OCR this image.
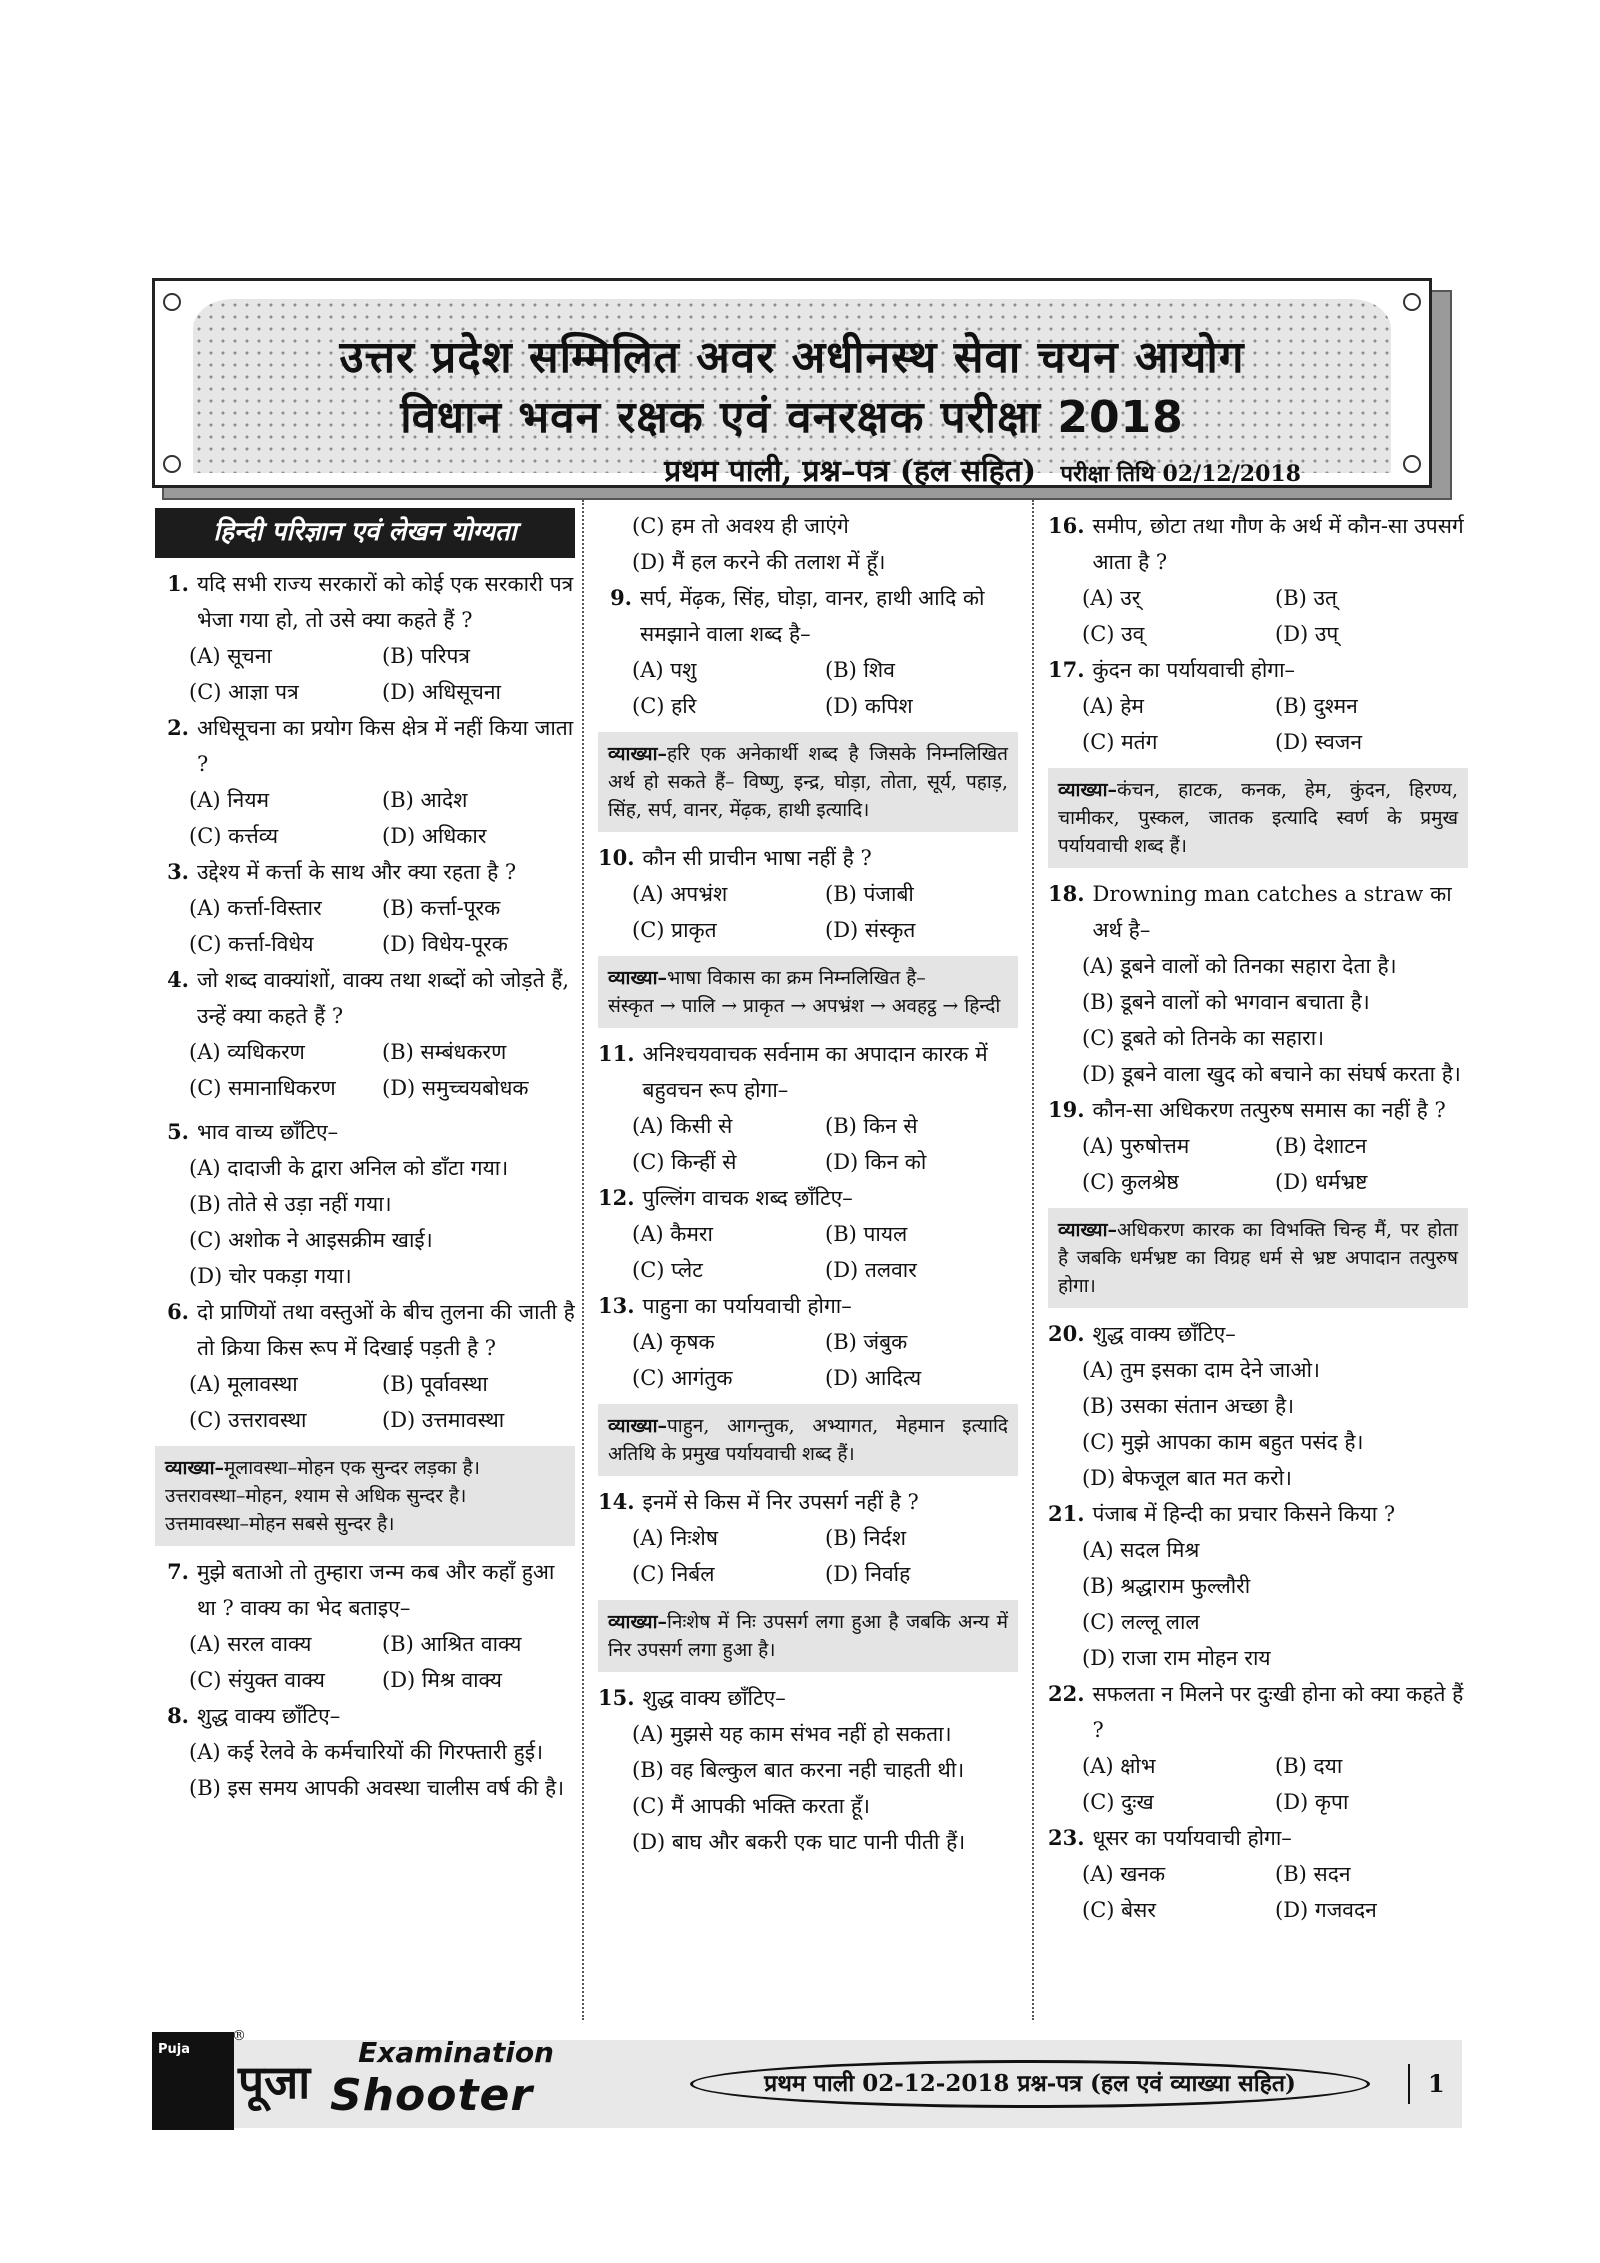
उत्तर प्रदेश सम्मिलित अवर अधीनस्थ सेवा चयन आयोग
विधान भवन रक्षक एवं वनरक्षक परीक्षा 2018
प्रथम पाली, प्रश्न–पत्र (हल सहित) परीक्षा तिथि 02/12/2018
हिन्दी परिज्ञान एवं लेखन योग्यता
1. यदि सभी राज्य सरकारों को कोई एक सरकारी पत्र भेजा गया हो, तो उसे क्या कहते हैं ?
(A) सूचना	(B) परिपत्र
(C) आज्ञा पत्र	(D) अधिसूचना
2. अधिसूचना का प्रयोग किस क्षेत्र में नहीं किया जाता ?
(A) नियम	(B) आदेश
(C) कर्त्तव्य	(D) अधिकार
3. उद्देश्य में कर्त्ता के साथ और क्या रहता है ?
(A) कर्त्ता-विस्तार	(B) कर्त्ता-पूरक
(C) कर्त्ता-विधेय	(D) विधेय-पूरक
4. जो शब्द वाक्यांशों, वाक्य तथा शब्दों को जोड़ते हैं, उन्हें क्या कहते हैं ?
(A) व्यधिकरण	(B) सम्बंधकरण
(C) समानाधिकरण	(D) समुच्चयबोधक
5. भाव वाच्य छाँटिए–
(A) दादाजी के द्वारा अनिल को डाँटा गया।
(B) तोते से उड़ा नहीं गया।
(C) अशोक ने आइसक्रीम खाई।
(D) चोर पकड़ा गया।
6. दो प्राणियों तथा वस्तुओं के बीच तुलना की जाती है तो क्रिया किस रूप में दिखाई पड़ती है ?
(A) मूलावस्था	(B) पूर्वावस्था
(C) उत्तरावस्था	(D) उत्तमावस्था
व्याख्या–मूलावस्था–मोहन एक सुन्दर लड़का है।
उत्तरावस्था–मोहन, श्याम से अधिक सुन्दर है।
उत्तमावस्था–मोहन सबसे सुन्दर है।
7. मुझे बताओ तो तुम्हारा जन्म कब और कहाँ हुआ था ? वाक्य का भेद बताइए–
(A) सरल वाक्य	(B) आश्रित वाक्य
(C) संयुक्त वाक्य	(D) मिश्र वाक्य
8. शुद्ध वाक्य छाँटिए–
(A) कई रेलवे के कर्मचारियों की गिरफ्तारी हुई।
(B) इस समय आपकी अवस्था चालीस वर्ष की है।
(C) हम तो अवश्य ही जाएंगे
(D) मैं हल करने की तलाश में हूँ।
9. सर्प, मेंढ़क, सिंह, घोड़ा, वानर, हाथी आदि को समझाने वाला शब्द है–
(A) पशु	(B) शिव
(C) हरि	(D) कपिश
व्याख्या–हरि एक अनेकार्थी शब्द है जिसके निम्नलिखित अर्थ हो सकते हैं– विष्णु, इन्द्र, घोड़ा, तोता, सूर्य, पहाड़, सिंह, सर्प, वानर, मेंढ़क, हाथी इत्यादि।
10. कौन सी प्राचीन भाषा नहीं है ?
(A) अपभ्रंश	(B) पंजाबी
(C) प्राकृत	(D) संस्कृत
व्याख्या–भाषा विकास का क्रम निम्नलिखित है–
संस्कृत → पालि → प्राकृत → अपभ्रंश → अवहट्ठ → हिन्दी
11. अनिश्चयवाचक सर्वनाम का अपादान कारक में बहुवचन रूप होगा–
(A) किसी से	(B) किन से
(C) किन्हीं से	(D) किन को
12. पुल्लिंग वाचक शब्द छाँटिए–
(A) कैमरा	(B) पायल
(C) प्लेट	(D) तलवार
13. पाहुना का पर्यायवाची होगा–
(A) कृषक	(B) जंबुक
(C) आगंतुक	(D) आदित्य
व्याख्या–पाहुन, आगन्तुक, अभ्यागत, मेहमान इत्यादि अतिथि के प्रमुख पर्यायवाची शब्द हैं।
14. इनमें से किस में निर उपसर्ग नहीं है ?
(A) निःशेष	(B) निर्दश
(C) निर्बल	(D) निर्वाह
व्याख्या–निःशेष में निः उपसर्ग लगा हुआ है जबकि अन्य में निर उपसर्ग लगा हुआ है।
15. शुद्ध वाक्य छाँटिए–
(A) मुझसे यह काम संभव नहीं हो सकता।
(B) वह बिल्कुल बात करना नही चाहती थी।
(C) मैं आपकी भक्ति करता हूँ।
(D) बाघ और बकरी एक घाट पानी पीती हैं।
16. समीप, छोटा तथा गौण के अर्थ में कौन-सा उपसर्ग आता है ?
(A) उर्	(B) उत्
(C) उव्	(D) उप्
17. कुंदन का पर्यायवाची होगा–
(A) हेम	(B) दुश्मन
(C) मतंग	(D) स्वजन
व्याख्या–कंचन, हाटक, कनक, हेम, कुंदन, हिरण्य, चामीकर, पुस्कल, जातक इत्यादि स्वर्ण के प्रमुख पर्यायवाची शब्द हैं।
18. Drowning man catches a straw का अर्थ है–
(A) डूबने वालों को तिनका सहारा देता है।
(B) डूबने वालों को भगवान बचाता है।
(C) डूबते को तिनके का सहारा।
(D) डूबने वाला खुद को बचाने का संघर्ष करता है।
19. कौन-सा अधिकरण तत्पुरुष समास का नहीं है ?
(A) पुरुषोत्तम	(B) देशाटन
(C) कुलश्रेष्ठ	(D) धर्मभ्रष्ट
व्याख्या–अधिकरण कारक का विभक्ति चिन्ह मैं, पर होता है जबकि धर्मभ्रष्ट का विग्रह धर्म से भ्रष्ट अपादान तत्पुरुष होगा।
20. शुद्ध वाक्य छाँटिए–
(A) तुम इसका दाम देने जाओ।
(B) उसका संतान अच्छा है।
(C) मुझे आपका काम बहुत पसंद है।
(D) बेफजूल बात मत करो।
21. पंजाब में हिन्दी का प्रचार किसने किया ?
(A) सदल मिश्र
(B) श्रद्धाराम फुल्लौरी
(C) लल्लू लाल
(D) राजा राम मोहन राय
22. सफलता न मिलने पर दुःखी होना को क्या कहते हैं ?
(A) क्षोभ	(B) दया
(C) दुःख	(D) कृपा
23. धूसर का पर्यायवाची होगा–
(A) खनक	(B) सदन
(C) बेसर	(D) गजवदन
Puja
®
पूजा
Examination
Shooter	प्रथम पाली 02-12-2018 प्रश्न-पत्र (हल एवं व्याख्या सहित)	1
